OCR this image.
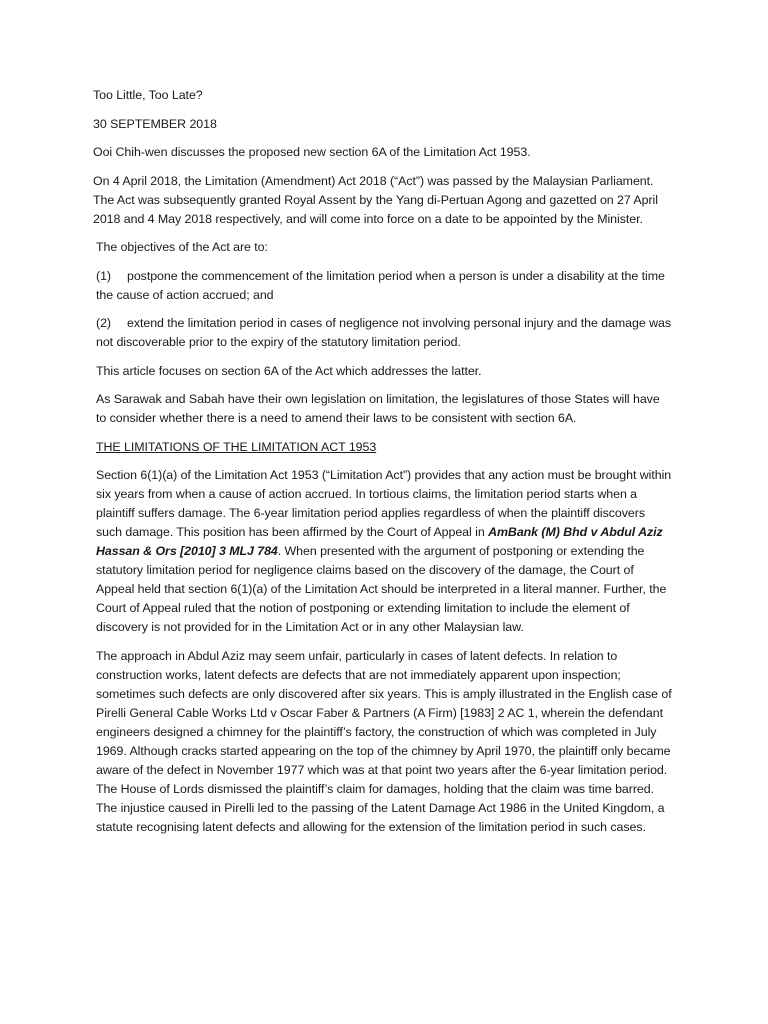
Too Little, Too Late?

30 SEPTEMBER 2018

Ooi Chih-wen discusses the proposed new section 6A of the Limitation Act 1953.

On 4 April 2018, the Limitation (Amendment) Act 2018 (“Act”) was passed by the Malaysian Parliament. The Act was subsequently granted Royal Assent by the Yang di-Pertuan Agong and gazetted on 27 April 2018 and 4 May 2018 respectively, and will come into force on a date to be appointed by the Minister.

The objectives of the Act are to:

(1) postpone the commencement of the limitation period when a person is under a disability at the time the cause of action accrued; and

(2) extend the limitation period in cases of negligence not involving personal injury and the damage was not discoverable prior to the expiry of the statutory limitation period.

This article focuses on section 6A of the Act which addresses the latter.

As Sarawak and Sabah have their own legislation on limitation, the legislatures of those States will have to consider whether there is a need to amend their laws to be consistent with section 6A.

THE LIMITATIONS OF THE LIMITATION ACT 1953

Section 6(1)(a) of the Limitation Act 1953 (“Limitation Act”) provides that any action must be brought within six years from when a cause of action accrued. In tortious claims, the limitation period starts when a plaintiff suffers damage. The 6-year limitation period applies regardless of when the plaintiff discovers such damage. This position has been affirmed by the Court of Appeal in AmBank (M) Bhd v Abdul Aziz Hassan & Ors [2010] 3 MLJ 784. When presented with the argument of postponing or extending the statutory limitation period for negligence claims based on the discovery of the damage, the Court of Appeal held that section 6(1)(a) of the Limitation Act should be interpreted in a literal manner. Further, the Court of Appeal ruled that the notion of postponing or extending limitation to include the element of discovery is not provided for in the Limitation Act or in any other Malaysian law.

The approach in Abdul Aziz may seem unfair, particularly in cases of latent defects. In relation to construction works, latent defects are defects that are not immediately apparent upon inspection; sometimes such defects are only discovered after six years. This is amply illustrated in the English case of Pirelli General Cable Works Ltd v Oscar Faber & Partners (A Firm) [1983] 2 AC 1, wherein the defendant engineers designed a chimney for the plaintiff’s factory, the construction of which was completed in July 1969. Although cracks started appearing on the top of the chimney by April 1970, the plaintiff only became aware of the defect in November 1977 which was at that point two years after the 6-year limitation period. The House of Lords dismissed the plaintiff’s claim for damages, holding that the claim was time barred. The injustice caused in Pirelli led to the passing of the Latent Damage Act 1986 in the United Kingdom, a statute recognising latent defects and allowing for the extension of the limitation period in such cases.
